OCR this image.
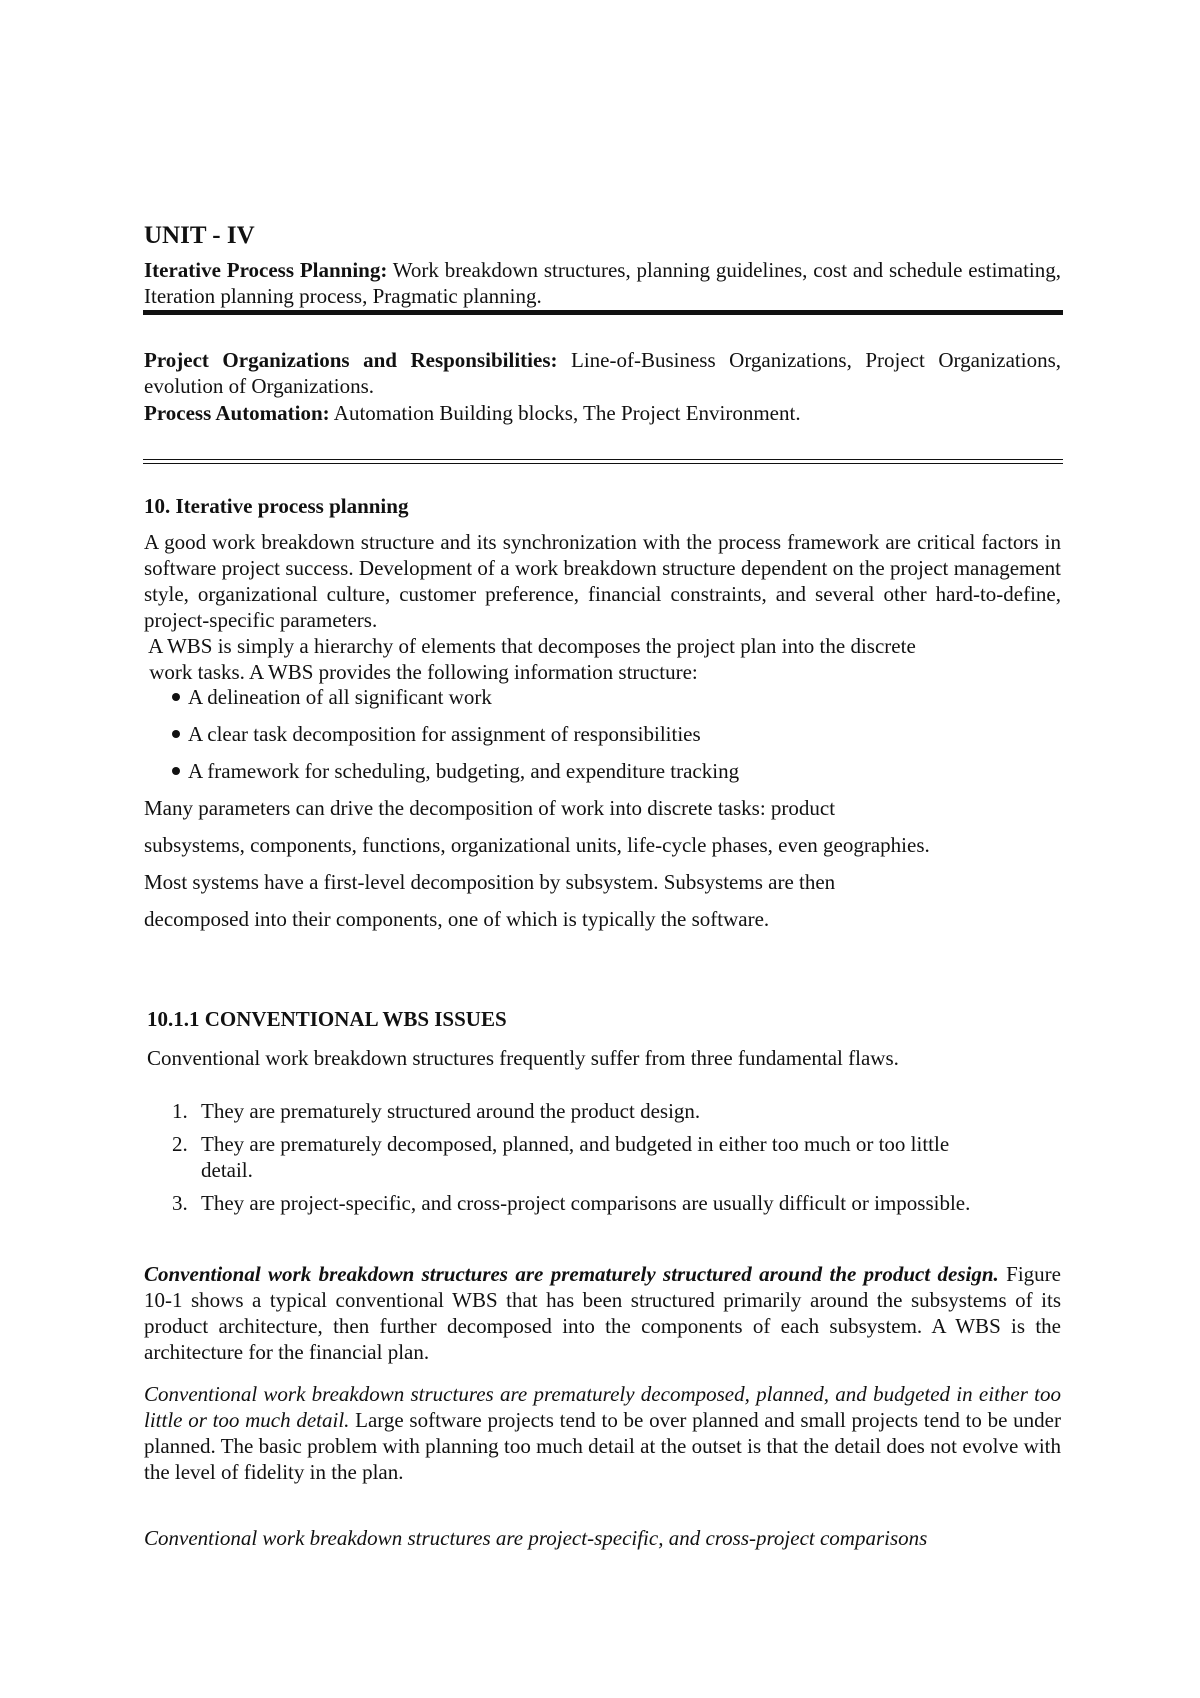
UNIT - IV
Iterative Process Planning: Work breakdown structures, planning guidelines, cost and schedule estimating, Iteration planning process, Pragmatic planning.
Project Organizations and Responsibilities: Line-of-Business Organizations, Project Organizations, evolution of Organizations.
Process Automation: Automation Building blocks, The Project Environment.
10. Iterative process planning
A good work breakdown structure and its synchronization with the process framework are critical factors in software project success. Development of a work breakdown structure dependent on the project management style, organizational culture, customer preference, financial constraints, and several other hard-to-define, project-specific parameters.
A WBS is simply a hierarchy of elements that decomposes the project plan into the discrete
work tasks. A WBS provides the following information structure:
A delineation of all significant work
A clear task decomposition for assignment of responsibilities
A framework for scheduling, budgeting, and expenditure tracking

Many parameters can drive the decomposition of work into discrete tasks: product

subsystems, components, functions, organizational units, life-cycle phases, even geographies.

Most systems have a first-level decomposition by subsystem. Subsystems are then

decomposed into their components, one of which is typically the software.

10.1.1 CONVENTIONAL WBS ISSUES
Conventional work breakdown structures frequently suffer from three fundamental flaws.
1. They are prematurely structured around the product design.
2. They are prematurely decomposed, planned, and budgeted in either too much or too little detail.
3. They are project-specific, and cross-project comparisons are usually difficult or impossible.
Conventional work breakdown structures are prematurely structured around the product design. Figure 10-1 shows a typical conventional WBS that has been structured primarily around the subsystems of its product architecture, then further decomposed into the components of each subsystem. A WBS is the architecture for the financial plan.
Conventional work breakdown structures are prematurely decomposed, planned, and budgeted in either too little or too much detail. Large software projects tend to be over planned and small projects tend to be under planned. The basic problem with planning too much detail at the outset is that the detail does not evolve with the level of fidelity in the plan.
Conventional work breakdown structures are project-specific, and cross-project comparisons
